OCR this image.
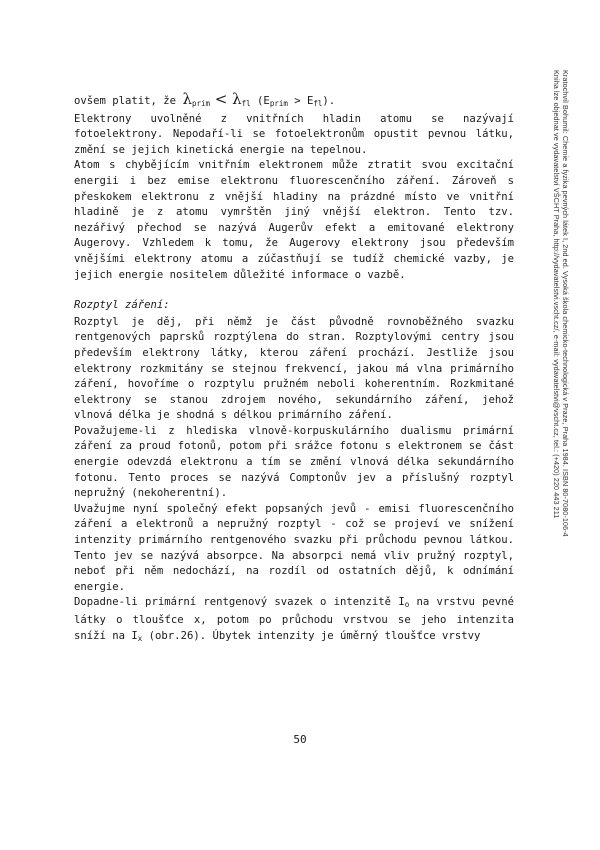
ovšem platit, že $\lambda_{prim} < \lambda_{fl}$ $(E_{prim} > E_{fl})$.

Elektrony uvolněné z vnitřních hladin atomu se nazývají fotoelektrony. Nepodaří-li se fotoelektronům opustit pevnou látku, změní se jejich kinetická energie na tepelnou.

Atom s chybějícím vnitřním elektronem může ztratit svou excitační energii i bez emise elektronu fluorescenčního záření. Zároveň s přeskokem elektronu z vnější hladiny na prázdné místo ve vnitřní hladině je z atomu vymrštěn jiný vnější elektron. Tento tzv. nezářivý přechod se nazývá Augerův efekt a emitované elektrony Augerovy. Vzhledem k tomu, že Augerovy elektrony jsou především vnějšími elektrony atomu a zúčastňují se tudíž chemické vazby, je jejich energie nositelem důležité informace o vazbě.

Rozptyl záření:

Rozptyl je děj, při němž je část původně rovnoběžného svazku rentgenových paprsků rozptýlena do stran. Rozptylovými centry jsou především elektrony látky, kterou záření prochází. Jestliže jsou elektrony rozkmitány se stejnou frekvencí, jakou má vlna primárního záření, hovoříme o rozptylu pružném neboli koherentním. Rozkmitané elektrony se stanou zdrojem nového, sekundárního záření, jehož vlnová délka je shodná s délkou primárního záření.

Považujeme-li z hlediska vlnově-korpuskulárního dualismu primární záření za proud fotonů, potom při srážce fotonu s elektronem se část energie odevzdá elektronu a tím se změní vlnová délka sekundárního fotonu. Tento proces se nazývá Comptonův jev a příslušný rozptyl nepružný (nekoherentní).

Uvažujme nyní společný efekt popsaných jevů - emisi fluorescenčního záření a elektronů a nepružný rozptyl - což se projeví ve snížení intenzity primárního rentgenového svazku při průchodu pevnou látkou. Tento jev se nazývá absorpce. Na absorpci nemá vliv pružný rozptyl, neboť při něm nedochází, na rozdíl od ostatních dějů, k odnímání energie.

Dopadne-li primární rentgenový svazek o intenzitě $I_o$ na vrstvu pevné látky o tloušťce x, potom po průchodu vrstvou se jeho intenzita sníží na $I_x$ (obr.26). Úbytek intenzity je úměrný tloušťce vrstvy

50
Kratochvíl Bohumil: Chemie a fyzika pevných látek I, 2nd ed. Vysoká škola chemicko-technologická v Praze, Praha 1984. ISBN 80-7080-106-4
Kniha lze objednat ve vydavatelství VŠCHT Praha, http://vydavatelstvi.vscht.cz/, e-mail: vydavatelstvi@vscht.cz, tel.: (+420) 220 443 211
